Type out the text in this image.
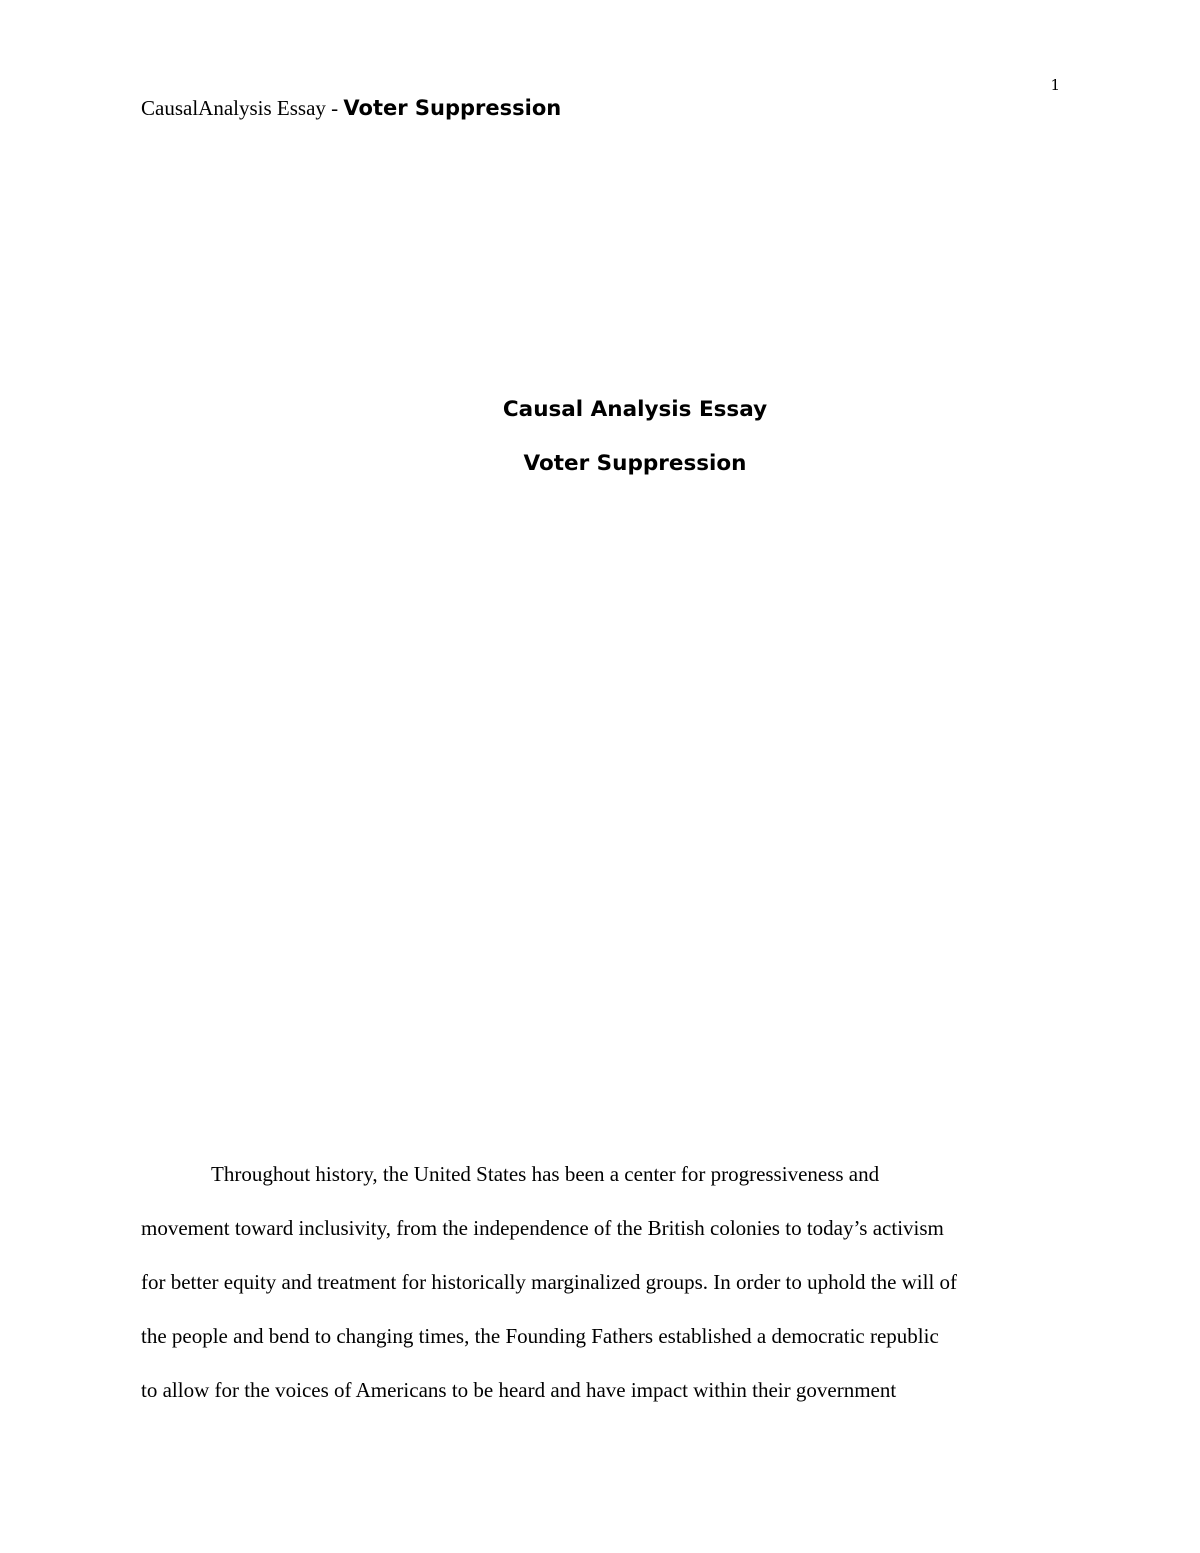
1
CausalAnalysis Essay - Voter Suppression
Causal Analysis Essay
Voter Suppression
Throughout history, the United States has been a center for progressiveness and
movement toward inclusivity, from the independence of the British colonies to today’s activism
for better equity and treatment for historically marginalized groups. In order to uphold the will of
the people and bend to changing times, the Founding Fathers established a democratic republic
to allow for the voices of Americans to be heard and have impact within their government
